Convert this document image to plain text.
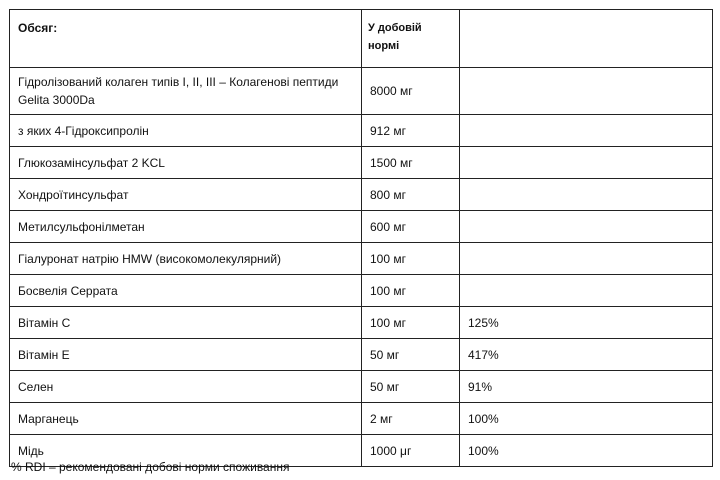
Обсяг:	У добовій нормі	
Гідролізований колаген типів I, II, III – Колагенові пептиди Gelita 3000Da	8000 мг	
з яких 4-Гідроксипролін	912 мг	
Глюкозамінсульфат 2 KCL	1500 мг	
Хондроїтинсульфат	800 мг	
Метилсульфонілметан	600 мг	
Гіалуронат натрію HMW (високомолекулярний)	100 мг	
Босвелія Серрата	100 мг	
Вітамін C	100 мг	125%
Вітамін E	50 мг	417%
Селен	50 мг	91%
Марганець	2 мг	100%
Мідь	1000 μг	100%
% RDI – рекомендовані добові норми споживання
